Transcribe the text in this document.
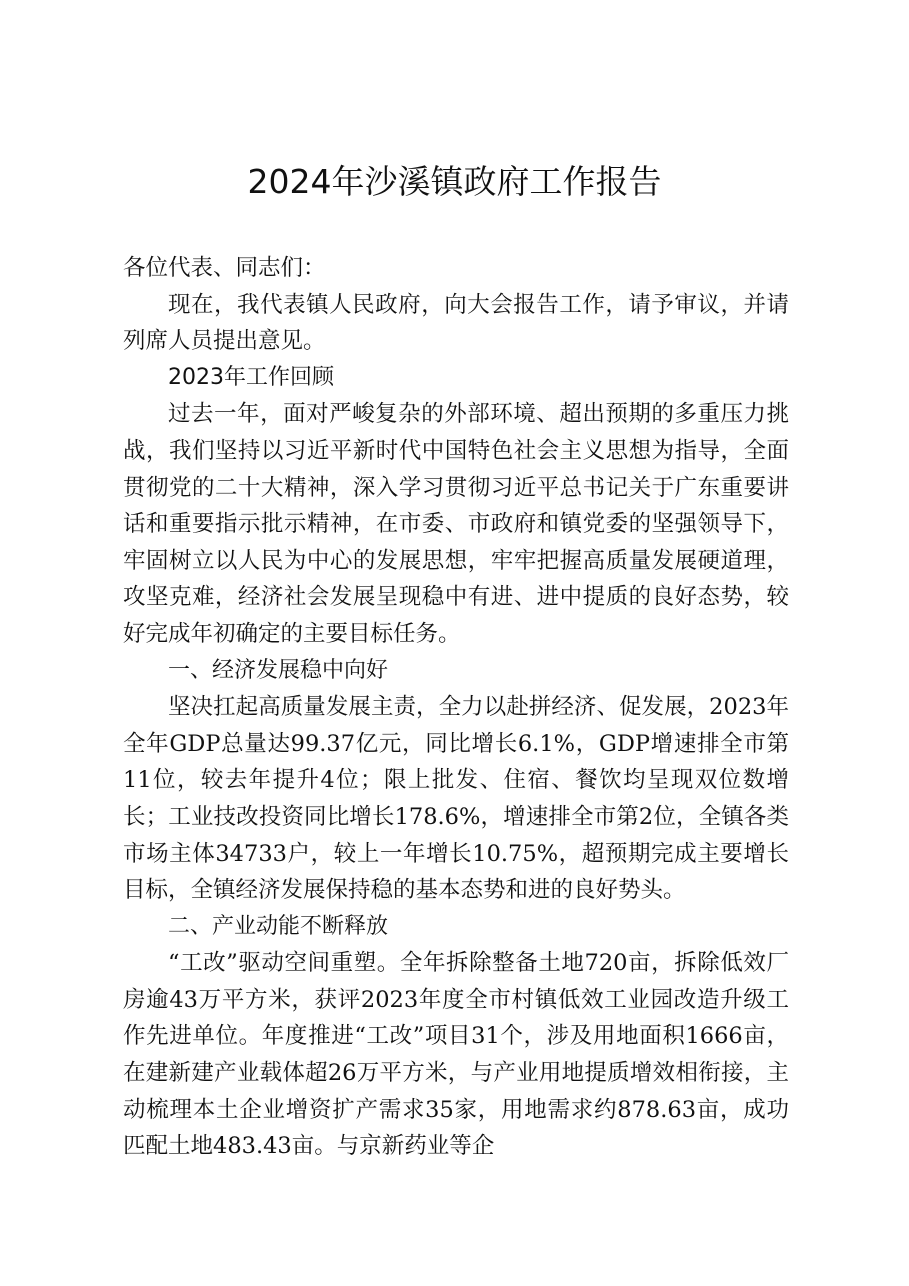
2024年沙溪镇政府工作报告

各位代表、同志们：

现在，我代表镇人民政府，向大会报告工作，请予审议，并请列席人员提出意见。

2023年工作回顾

过去一年，面对严峻复杂的外部环境、超出预期的多重压力挑战，我们坚持以习近平新时代中国特色社会主义思想为指导，全面贯彻党的二十大精神，深入学习贯彻习近平总书记关于广东重要讲话和重要指示批示精神，在市委、市政府和镇党委的坚强领导下，牢固树立以人民为中心的发展思想，牢牢把握高质量发展硬道理，攻坚克难，经济社会发展呈现稳中有进、进中提质的良好态势，较好完成年初确定的主要目标任务。

一、经济发展稳中向好

坚决扛起高质量发展主责，全力以赴拼经济、促发展，2023年全年GDP总量达99.37亿元，同比增长6.1%，GDP增速排全市第11位，较去年提升4位；限上批发、住宿、餐饮均呈现双位数增长；工业技改投资同比增长178.6%，增速排全市第2位，全镇各类市场主体34733户，较上一年增长10.75%，超预期完成主要增长目标，全镇经济发展保持稳的基本态势和进的良好势头。

二、产业动能不断释放

“工改”驱动空间重塑。全年拆除整备土地720亩，拆除低效厂房逾43万平方米，获评2023年度全市村镇低效工业园改造升级工作先进单位。年度推进“工改”项目31个，涉及用地面积1666亩，在建新建产业载体超26万平方米，与产业用地提质增效相衔接，主动梳理本土企业增资扩产需求35家，用地需求约878.63亩，成功匹配土地483.43亩。与京新药业等企
